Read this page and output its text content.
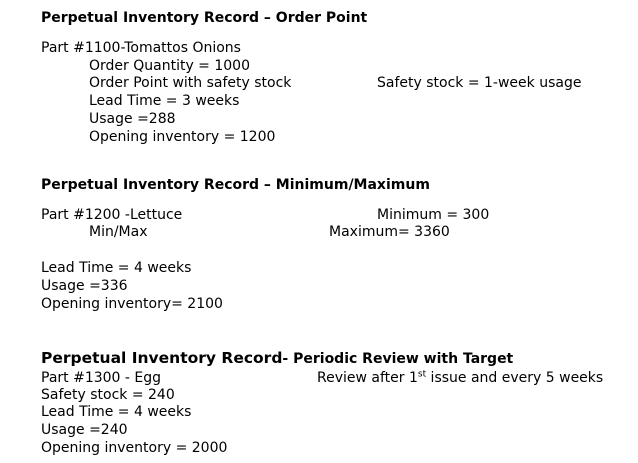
Perpetual Inventory Record – Order Point
Part #1100-Tomattos Onions
Order Quantity = 1000
Order Point with safety stock	Safety stock = 1-week usage
Lead Time = 3 weeks
Usage =288
Opening inventory = 1200
Perpetual Inventory Record – Minimum/Maximum
Part #1200 -Lettuce	Minimum = 300
Min/Max	Maximum= 3360
Lead Time = 4 weeks
Usage =336
Opening inventory= 2100
Perpetual Inventory Record- Periodic Review with Target
Part #1300 - Egg	Review after 1st issue and every 5 weeks
Safety stock = 240
Lead Time = 4 weeks
Usage =240
Opening inventory = 2000
